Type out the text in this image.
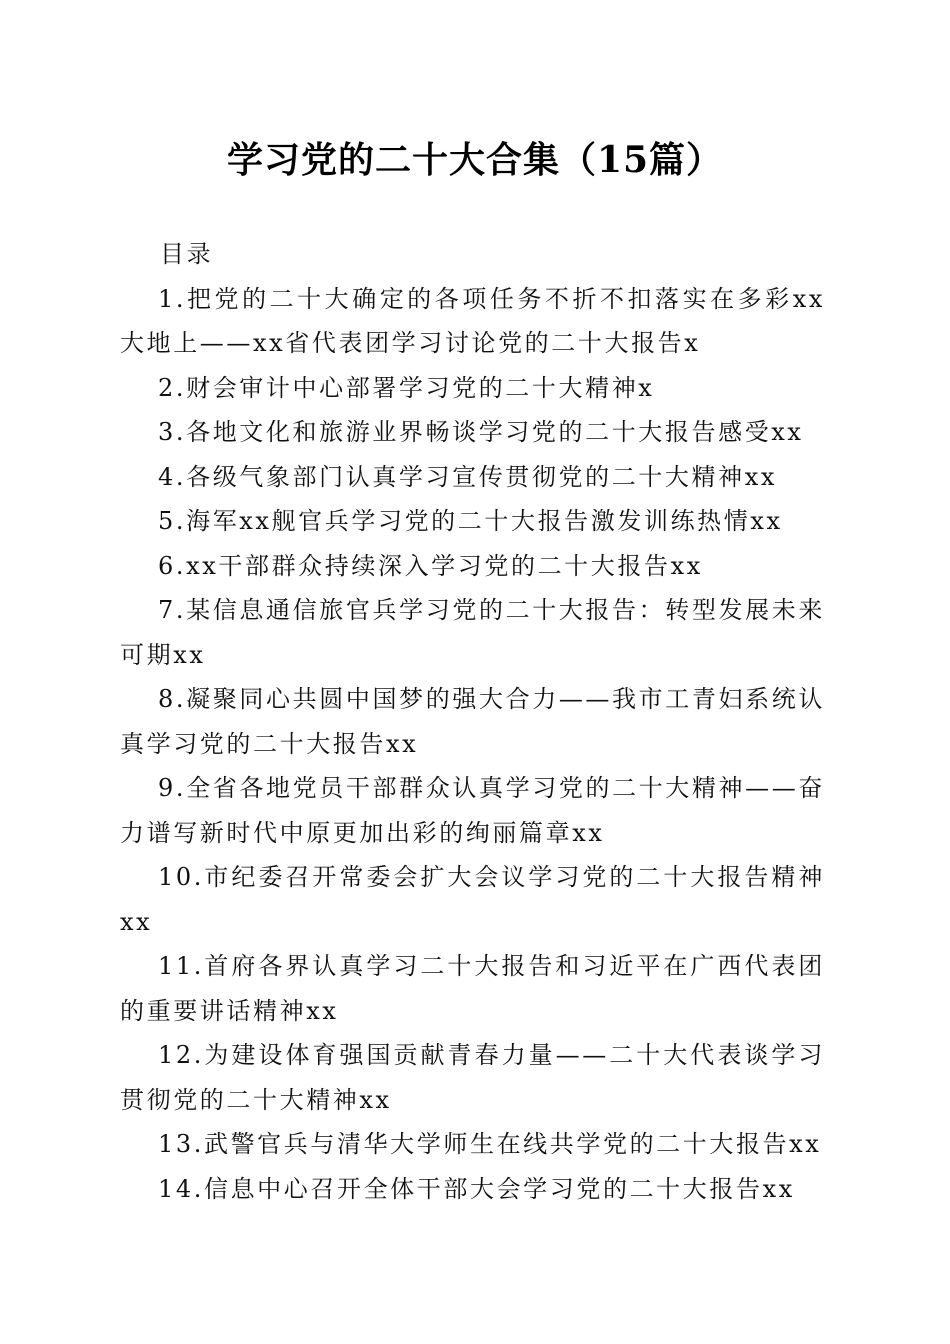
学习党的二十大合集（15篇）

目录

1.把党的二十大确定的各项任务不折不扣落实在多彩xx大地上——xx省代表团学习讨论党的二十大报告x

2.财会审计中心部署学习党的二十大精神x

3.各地文化和旅游业界畅谈学习党的二十大报告感受xx

4.各级气象部门认真学习宣传贯彻党的二十大精神xx

5.海军xx舰官兵学习党的二十大报告激发训练热情xx

6.xx干部群众持续深入学习党的二十大报告xx

7.某信息通信旅官兵学习党的二十大报告：转型发展未来可期xx

8.凝聚同心共圆中国梦的强大合力——我市工青妇系统认真学习党的二十大报告xx

9.全省各地党员干部群众认真学习党的二十大精神——奋力谱写新时代中原更加出彩的绚丽篇章xx

10.市纪委召开常委会扩大会议学习党的二十大报告精神xx

11.首府各界认真学习二十大报告和习近平在广西代表团的重要讲话精神xx

12.为建设体育强国贡献青春力量——二十大代表谈学习贯彻党的二十大精神xx

13.武警官兵与清华大学师生在线共学党的二十大报告xx

14.信息中心召开全体干部大会学习党的二十大报告xx
